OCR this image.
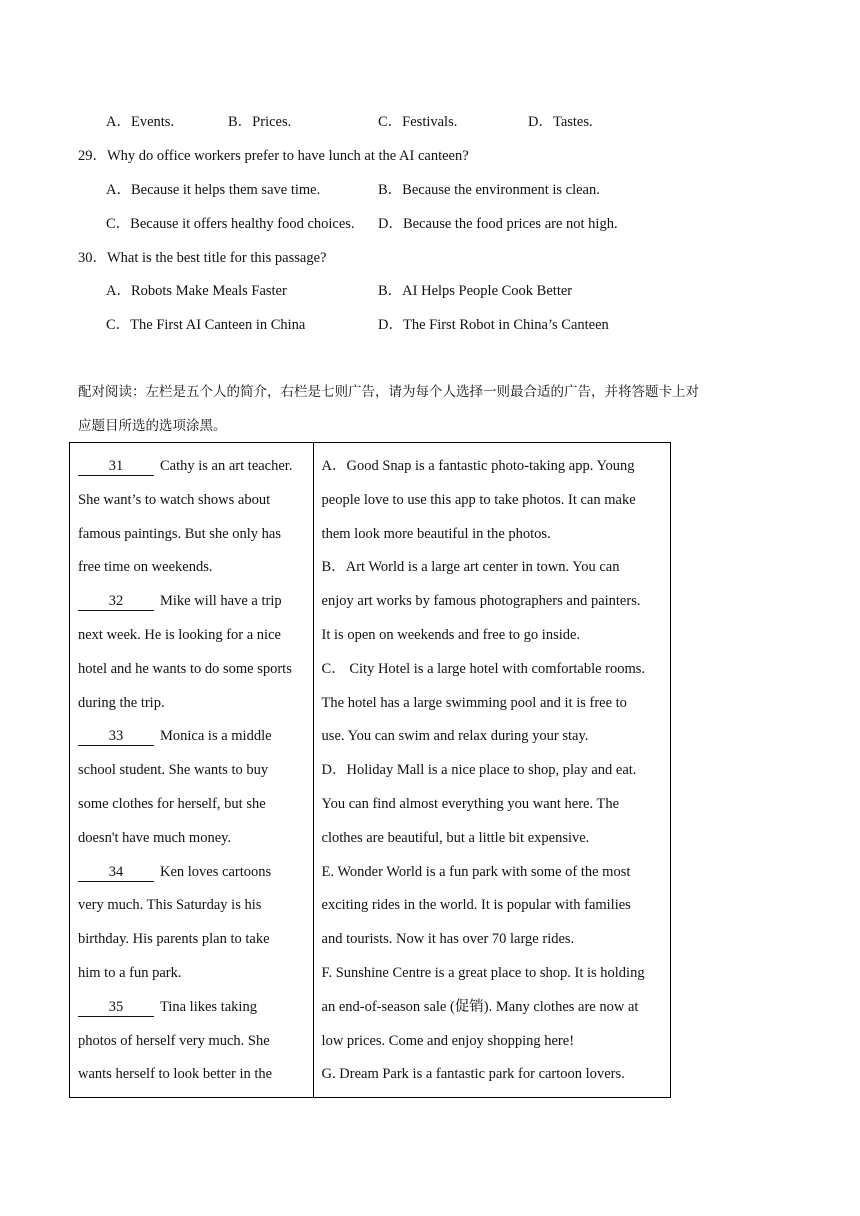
A．Events.	B．Prices.	C．Festivals.	D．Tastes.
29．Why do office workers prefer to have lunch at the AI canteen?
A．Because it helps them save time.	B．Because the environment is clean.
C．Because it offers healthy food choices. D．Because the food prices are not high.
30．What is the best title for this passage?
A．Robots Make Meals Faster	B．AI Helps People Cook Better
C．The First AI Canteen in China	D．The First Robot in China’s Canteen
配对阅读：左栏是五个人的简介，右栏是七则广告，请为每个人选择一则最合适的广告，并将答题卡上对
应题目所选的选项涂黑。
31	Cathy is an art teacher.
She want’s to watch shows about
famous paintings. But she only has
free time on weekends.
32	Mike will have a trip
next week. He is looking for a nice
hotel and he wants to do some sports
during the trip.
33	Monica is a middle
school student. She wants to buy
some clothes for herself, but she
doesn't have much money.
34	Ken loves cartoons
very much. This Saturday is his
birthday. His parents plan to take
him to a fun park.
35	Tina likes taking
photos of herself very much. She
wants herself to look better in the

A．Good Snap is a fantastic photo-taking app. Young
people love to use this app to take photos. It can make
them look more beautiful in the photos.
B．Art World is a large art center in town. You can
enjoy art works by famous photographers and painters.
It is open on weekends and free to go inside.
C． City Hotel is a large hotel with comfortable rooms.
The hotel has a large swimming pool and it is free to
use. You can swim and relax during your stay.
D．Holiday Mall is a nice place to shop, play and eat.
You can find almost everything you want here. The
clothes are beautiful, but a little bit expensive.
E. Wonder World is a fun park with some of the most
exciting rides in the world. It is popular with families
and tourists. Now it has over 70 large rides.
F. Sunshine Centre is a great place to shop. It is holding
an end-of-season sale (促销). Many clothes are now at
low prices. Come and enjoy shopping here!
G. Dream Park is a fantastic park for cartoon lovers.
